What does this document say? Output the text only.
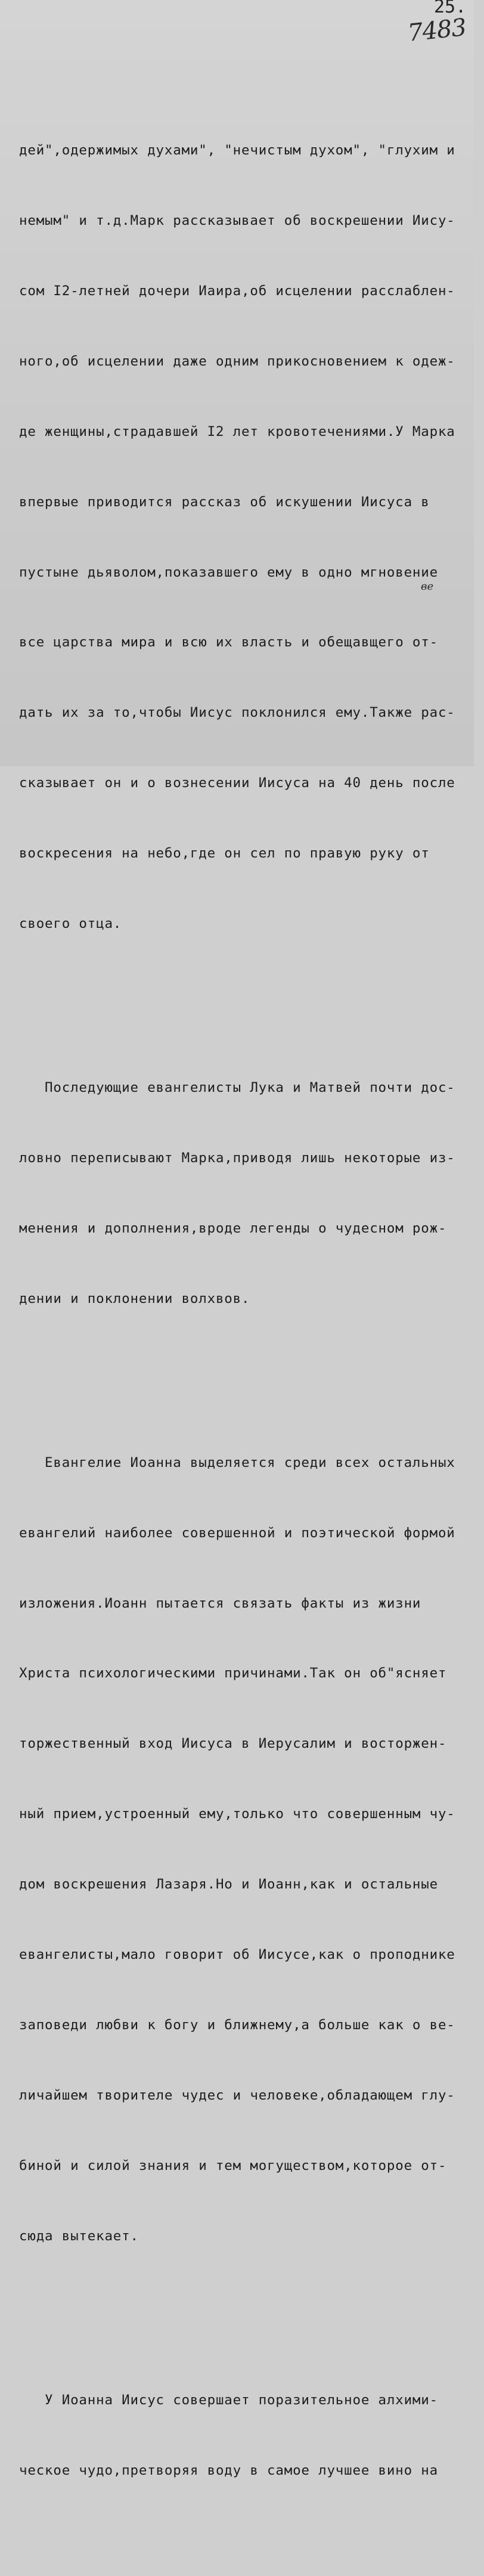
25.
7483

дей",одержимых духами", "нечистым духом", "глухим и

немым" и т.д.Марк рассказывает об воскрешении Иису-

сом I2-летней дочери Иаира,об исцелении расслаблен-

ного,об исцелении даже одним прикосновением к одеж-

де женщины,страдавшей I2 лет кровотечениями.У Марка

впервые приводится рассказ об искушении Иисуса в

пустыне дьяволом,показавшего ему в одно мгновение

все царства мира и всю их власть и обещавщего от-

дать их за то,чтобы Иисус поклонился ему.Также рас-

сказывает он и о вознесении Иисуса на 40 день после

воскресения на небо,где он сел по правую руку от

своего отца.

Последующие евангелисты Лука и Матвей почти дос-

ловно переписывают Марка,приводя лишь некоторые из-

менения и дополнения,вроде легенды о чудесном рож-

дении и поклонении волхвов.

Евангелие Иоанна выделяется среди всех остальных

евангелий наиболее совершенной и поэтической формой

изложения.Иоанн пытается связать факты из жизни

Христа психологическими причинами.Так он об"ясняет

торжественный вход Иисуса в Иерусалим и восторжен-

ный прием,устроенный ему,только что совершенным чу-

дом воскрешения Лазаря.Но и Иоанн,как и остальные

евангелисты,мало говорит об Иисусе,как о проподнике

заповеди любви к богу и ближнему,а больше как о ве-

личайшем творителе чудес и человеке,обладающем глу-

биной и силой знания и тем могуществом,которое от-

сюда вытекает.

У Иоанна Иисус совершает поразительное алхими-

ческое чудо,претворяя воду в самое лучшее вино на

ве
